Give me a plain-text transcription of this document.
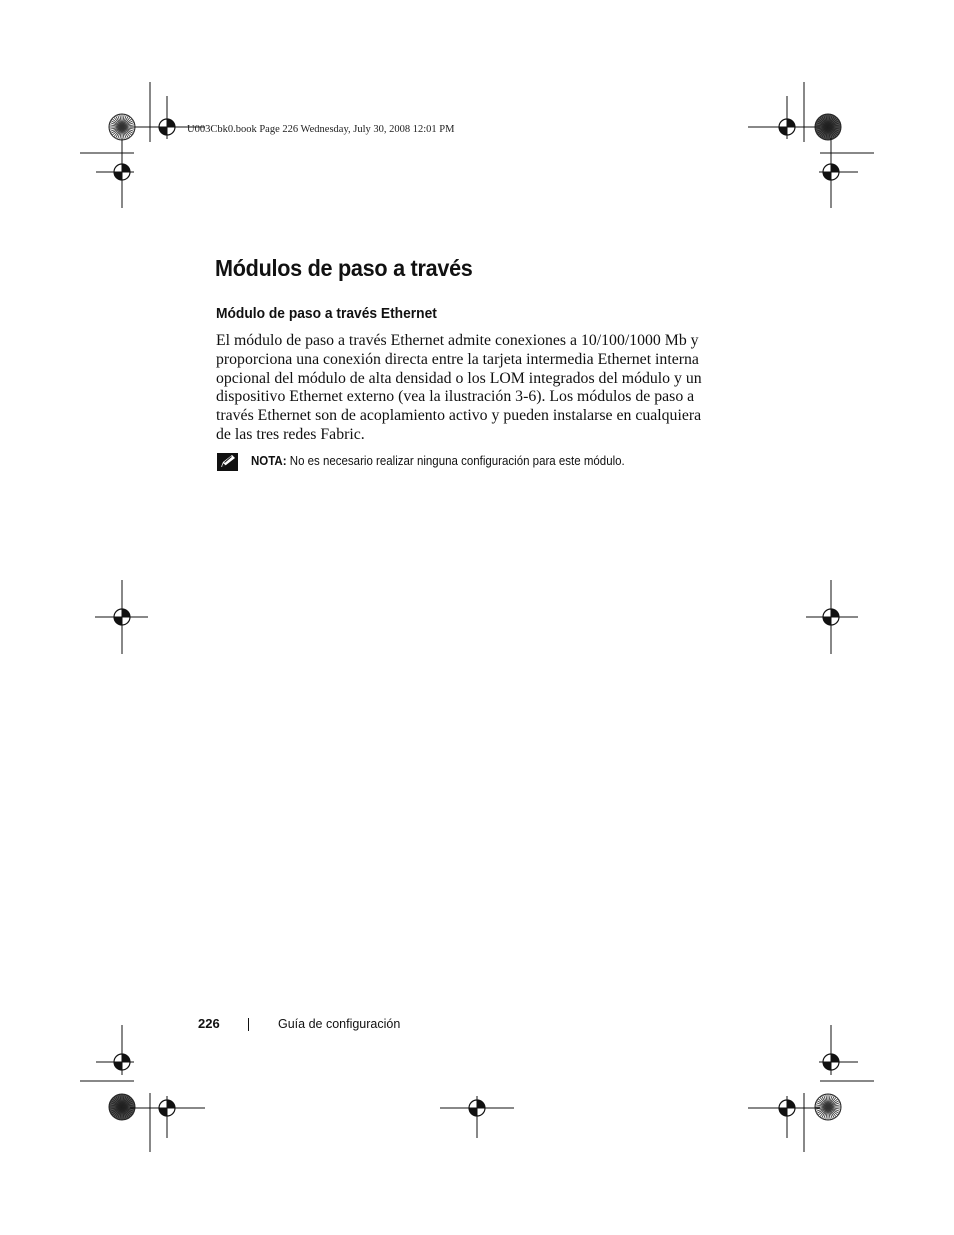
U003Cbk0.book Page 226 Wednesday, July 30, 2008 12:01 PM
Módulos de paso a través
Módulo de paso a través Ethernet

El módulo de paso a través Ethernet admite conexiones a 10/100/1000 Mb y
proporciona una conexión directa entre la tarjeta intermedia Ethernet interna
opcional del módulo de alta densidad o los LOM integrados del módulo y un
dispositivo Ethernet externo (vea la ilustración 3-6). Los módulos de paso a
través Ethernet son de acoplamiento activo y pueden instalarse en cualquiera
de las tres redes Fabric.

NOTA: No es necesario realizar ninguna configuración para este módulo.
226	Guía de configuración
